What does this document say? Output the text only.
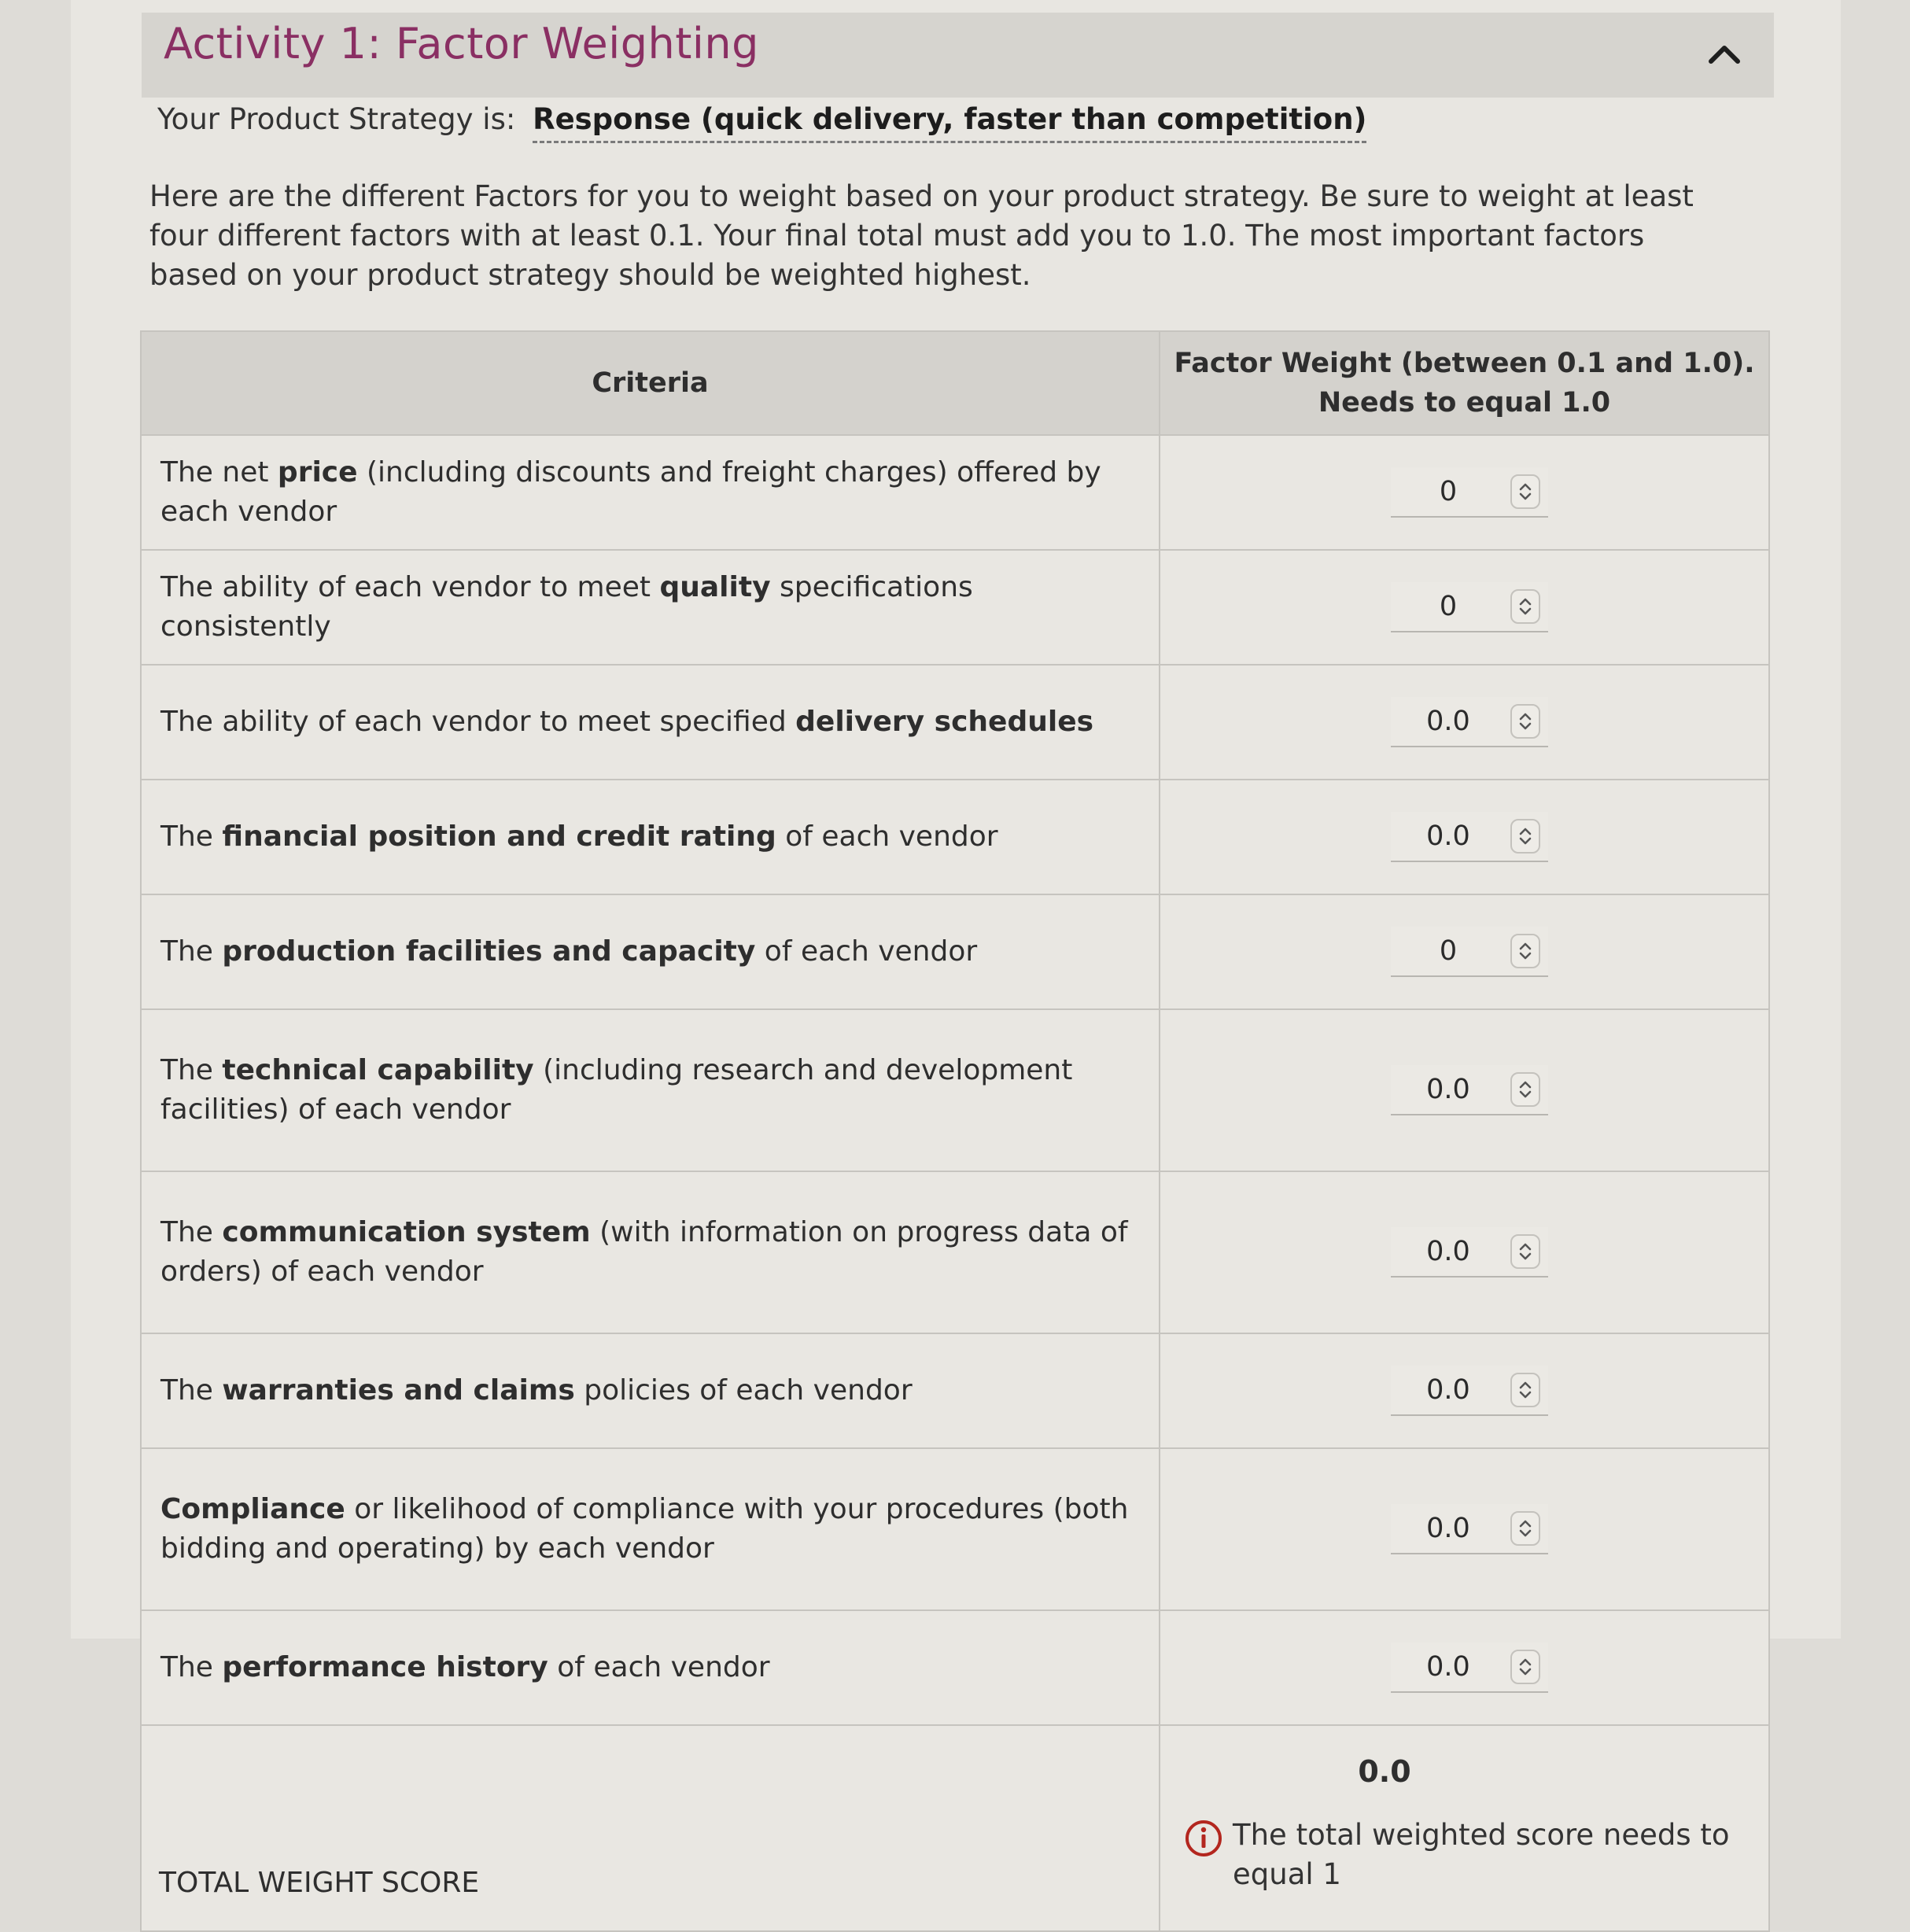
Activity 1: Factor Weighting
Your Product Strategy is: Response (quick delivery, faster than competition)
Here are the different Factors for you to weight based on your product strategy. Be sure to weight at least four different factors with at least 0.1. Your final total must add you to 1.0. The most important factors based on your product strategy should be weighted highest.
Criteria	Factor Weight (between 0.1 and 1.0).
Needs to equal 1.0

The net price (including discounts and freight charges) offered by each vendor	0

The ability of each vendor to meet quality specifications consistently	0

The ability of each vendor to meet specified delivery schedules	0.0

The financial position and credit rating of each vendor	0.0

The production facilities and capacity of each vendor	0

The technical capability (including research and development facilities) of each vendor	0.0

The communication system (with information on progress data of orders) of each vendor	0.0

The warranties and claims policies of each vendor	0.0

Compliance or likelihood of compliance with your procedures (both bidding and operating) by each vendor	0.0

The performance history of each vendor	0.0

TOTAL WEIGHT SCORE	0.0
The total weighted score needs to equal 1
